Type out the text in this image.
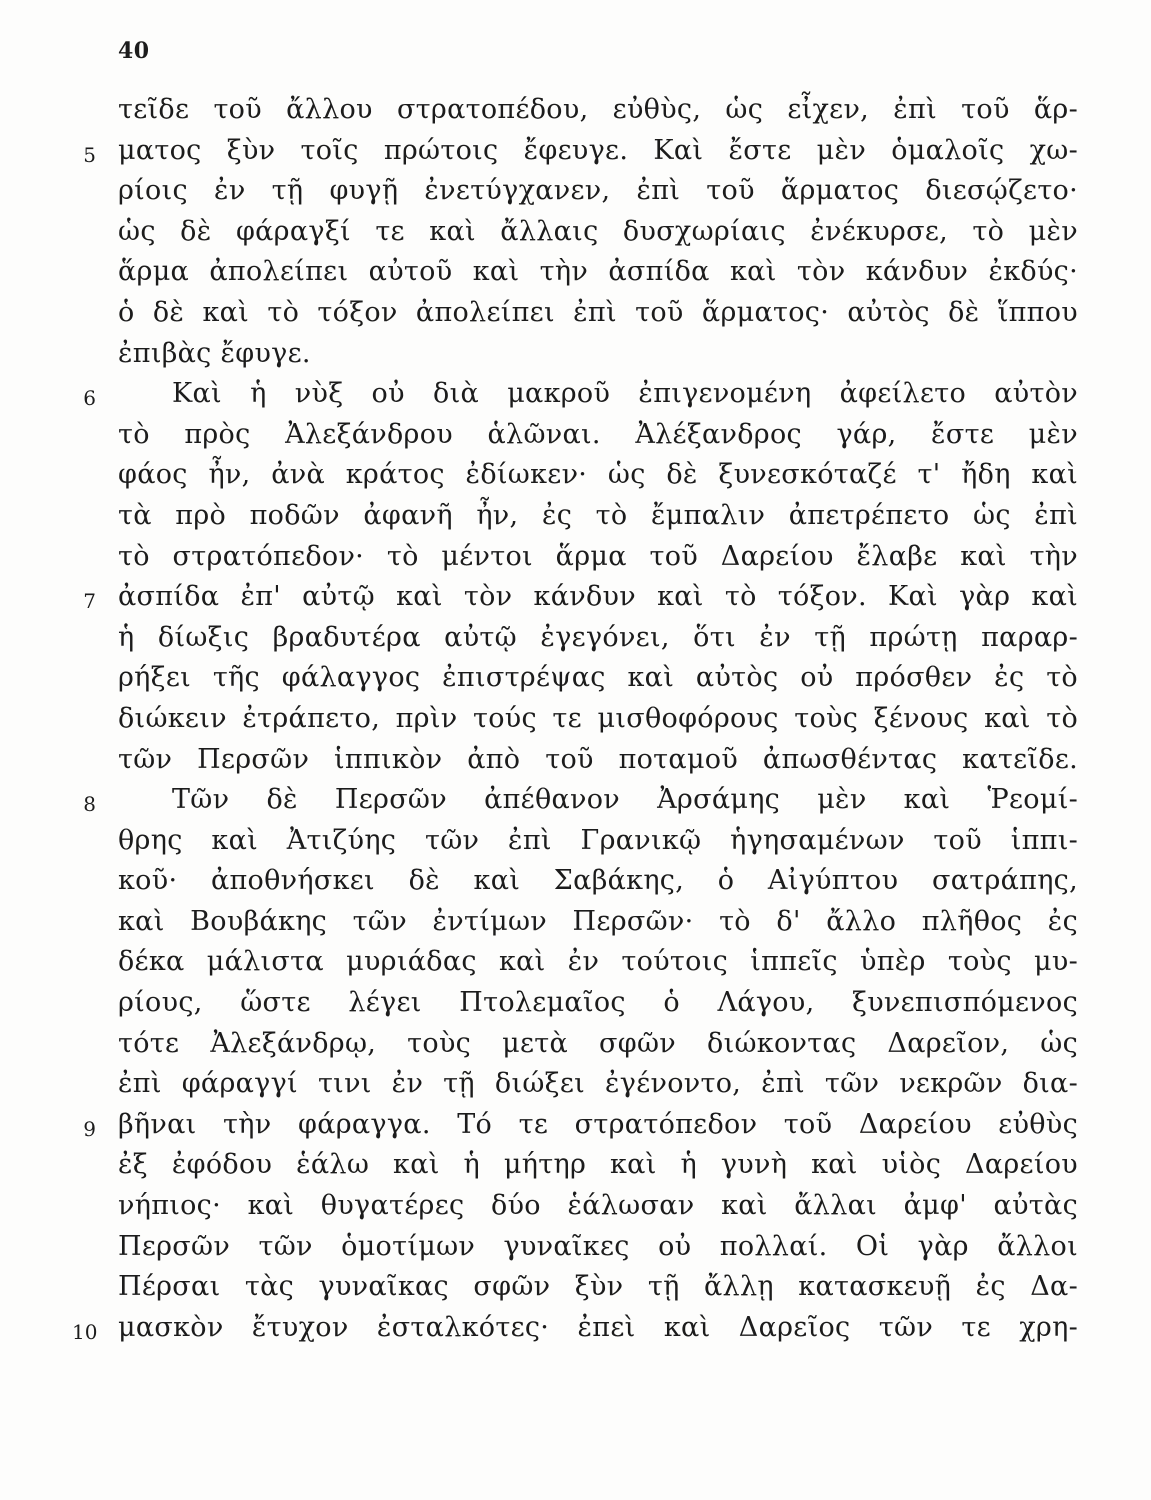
40
τεῖδε τοῦ ἄλλου στρατοπέδου, εὐθὺς, ὡς εἶχεν, ἐπὶ τοῦ ἅρ-
5 ματος ξὺν τοῖς πρώτοις ἔφευγε. Καὶ ἔστε μὲν ὁμαλοῖς χω-
ρίοις ἐν τῇ φυγῇ ἐνετύγχανεν, ἐπὶ τοῦ ἅρματος διεσῴζετο·
ὡς δὲ φάραγξί τε καὶ ἄλλαις δυσχωρίαις ἐνέκυρσε, τὸ μὲν
ἅρμα ἀπολείπει αὐτοῦ καὶ τὴν ἀσπίδα καὶ τὸν κάνδυν ἐκδύς·
ὁ δὲ καὶ τὸ τόξον ἀπολείπει ἐπὶ τοῦ ἅρματος· αὐτὸς δὲ ἵππου
ἐπιβὰς ἔφυγε.
6	Καὶ ἡ νὺξ οὐ διὰ μακροῦ ἐπιγενομένη ἀφείλετο αὐτὸν
τὸ πρὸς Ἀλεξάνδρου ἁλῶναι. Ἀλέξανδρος γάρ, ἔστε μὲν
φάος ἦν, ἀνὰ κράτος ἐδίωκεν· ὡς δὲ ξυνεσκόταζέ τ' ἤδη καὶ
τὰ πρὸ ποδῶν ἀφανῆ ἦν, ἐς τὸ ἔμπαλιν ἀπετρέπετο ὡς ἐπὶ
τὸ στρατόπεδον· τὸ μέντοι ἅρμα τοῦ Δαρείου ἔλαβε καὶ τὴν
7 ἀσπίδα ἐπ' αὐτῷ καὶ τὸν κάνδυν καὶ τὸ τόξον. Καὶ γὰρ καὶ
ἡ δίωξις βραδυτέρα αὐτῷ ἐγεγόνει, ὅτι ἐν τῇ πρώτῃ παραρ-
ρήξει τῆς φάλαγγος ἐπιστρέψας καὶ αὐτὸς οὐ πρόσθεν ἐς τὸ
διώκειν ἐτράπετο, πρὶν τούς τε μισθοφόρους τοὺς ξένους καὶ τὸ
τῶν Περσῶν ἱππικὸν ἀπὸ τοῦ ποταμοῦ ἀπωσθέντας κατεῖδε.
8	Τῶν δὲ Περσῶν ἀπέθανον Ἀρσάμης μὲν καὶ Ῥεομί-
θρης καὶ Ἀτιζύης τῶν ἐπὶ Γρανικῷ ἡγησαμένων τοῦ ἱππι-
κοῦ· ἀποθνήσκει δὲ καὶ Σαβάκης, ὁ Αἰγύπτου σατράπης,
καὶ Βουβάκης τῶν ἐντίμων Περσῶν· τὸ δ' ἄλλο πλῆθος ἐς
δέκα μάλιστα μυριάδας καὶ ἐν τούτοις ἱππεῖς ὑπὲρ τοὺς μυ-
ρίους, ὥστε λέγει Πτολεμαῖος ὁ Λάγου, ξυνεπισπόμενος
τότε Ἀλεξάνδρῳ, τοὺς μετὰ σφῶν διώκοντας Δαρεῖον, ὡς
ἐπὶ φάραγγί τινι ἐν τῇ διώξει ἐγένοντο, ἐπὶ τῶν νεκρῶν δια-
9 βῆναι τὴν φάραγγα. Τό τε στρατόπεδον τοῦ Δαρείου εὐθὺς
ἐξ ἐφόδου ἑάλω καὶ ἡ μήτηρ καὶ ἡ γυνὴ καὶ υἱὸς Δαρείου
νήπιος· καὶ θυγατέρες δύο ἑάλωσαν καὶ ἄλλαι ἀμφ' αὐτὰς
Περσῶν τῶν ὁμοτίμων γυναῖκες οὐ πολλαί. Οἱ γὰρ ἄλλοι
Πέρσαι τὰς γυναῖκας σφῶν ξὺν τῇ ἄλλῃ κατασκευῇ ἐς Δα-
10 μασκὸν ἔτυχον ἐσταλκότες· ἐπεὶ καὶ Δαρεῖος τῶν τε χρη-
